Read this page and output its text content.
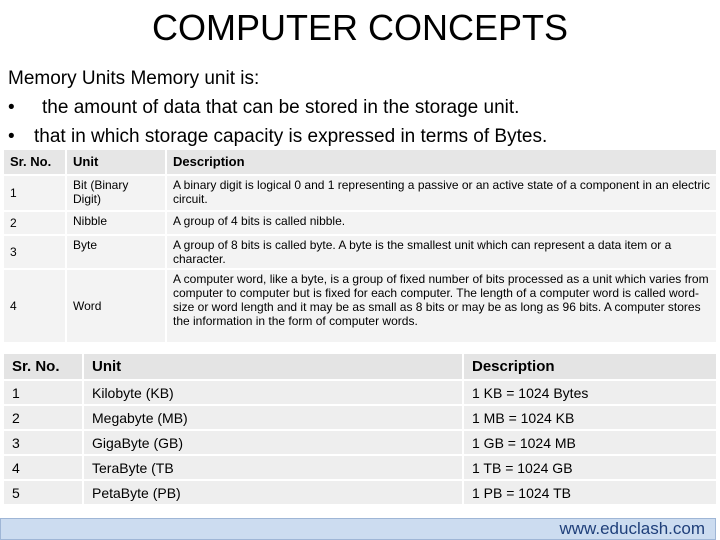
COMPUTER CONCEPTS
Memory Units Memory unit is:
•	the amount of data that can be stored in the storage unit.
•	that in which storage capacity is expressed in terms of Bytes.
Sr. No.	Unit	Description
1	Bit (Binary Digit)	A binary digit is logical 0 and 1 representing a passive or an active state of a component in an electric circuit.
2	Nibble	A group of 4 bits is called nibble.
3	Byte	A group of 8 bits is called byte. A byte is the smallest unit which can represent a data item or a character.
4	Word	A computer word, like a byte, is a group of fixed number of bits processed as a unit which varies from computer to computer but is fixed for each computer. The length of a computer word is called word-size or word length and it may be as small as 8 bits or may be as long as 96 bits. A computer stores the information in the form of computer words.
Sr. No.	Unit	Description
1	Kilobyte (KB)	1 KB = 1024 Bytes
2	Megabyte (MB)	1 MB = 1024 KB
3	GigaByte (GB)	1 GB = 1024 MB
4	TeraByte (TB	1 TB = 1024 GB
5	PetaByte (PB)	1 PB = 1024 TB
www.educlash.com
